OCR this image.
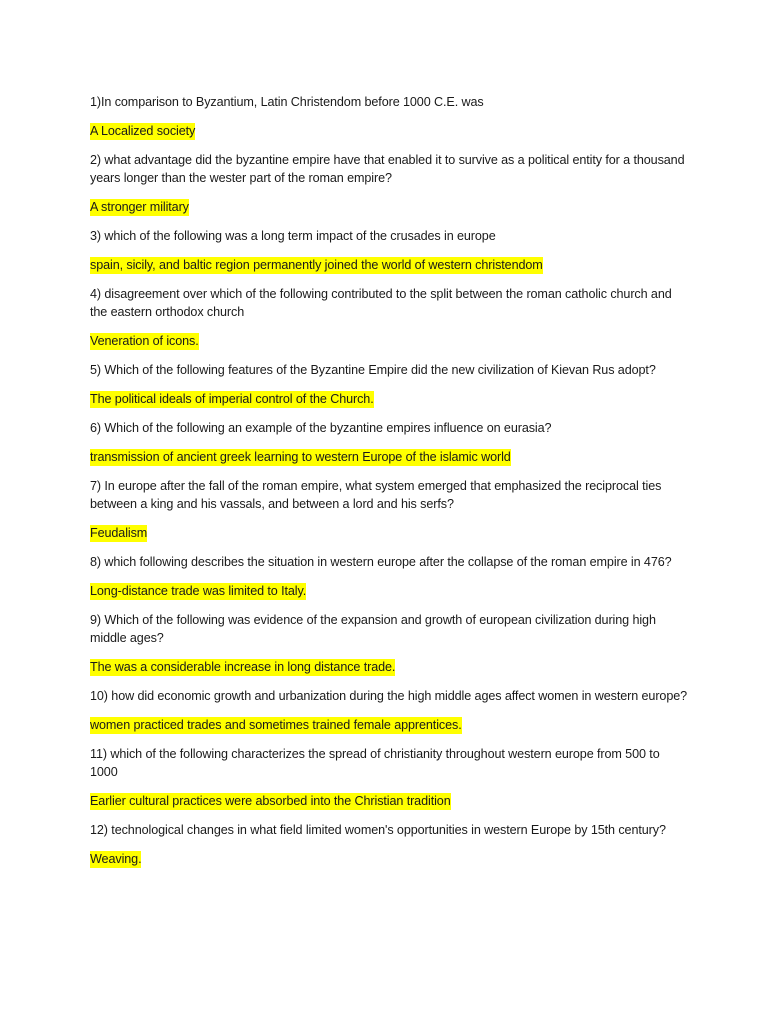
1)In comparison to Byzantium, Latin Christendom before 1000 C.E. was

A Localized society

2) what advantage did the byzantine empire have that enabled it to survive as a political entity for a thousand years longer than the wester part of the roman empire?

A stronger military

3) which of the following was a long term impact of the crusades in europe

spain, sicily, and baltic region permanently joined the world of western christendom

4) disagreement over which of the following contributed to the split between the roman catholic church and the eastern orthodox church

Veneration of icons.

5) Which of the following features of the Byzantine Empire did the new civilization of Kievan Rus adopt?

The political ideals of imperial control of the Church.

6) Which of the following an example of the byzantine empires influence on eurasia?

transmission of ancient greek learning to western Europe of the islamic world

7) In europe after the fall of the roman empire, what system emerged that emphasized the reciprocal ties between a king and his vassals, and between a lord and his serfs?

Feudalism

8) which following describes the situation in western europe after the collapse of the roman empire in 476?

Long-distance trade was limited to Italy.

9) Which of the following was evidence of the expansion and growth of european civilization during high middle ages?

The was a considerable increase in long distance trade.

10) how did economic growth and urbanization during the high middle ages affect women in western europe?

women practiced trades and sometimes trained female apprentices.

11) which of the following characterizes the spread of christianity throughout western europe from 500 to 1000

Earlier cultural practices were absorbed into the Christian tradition

12) technological changes in what field limited women's opportunities in western Europe by 15th century?

Weaving.
